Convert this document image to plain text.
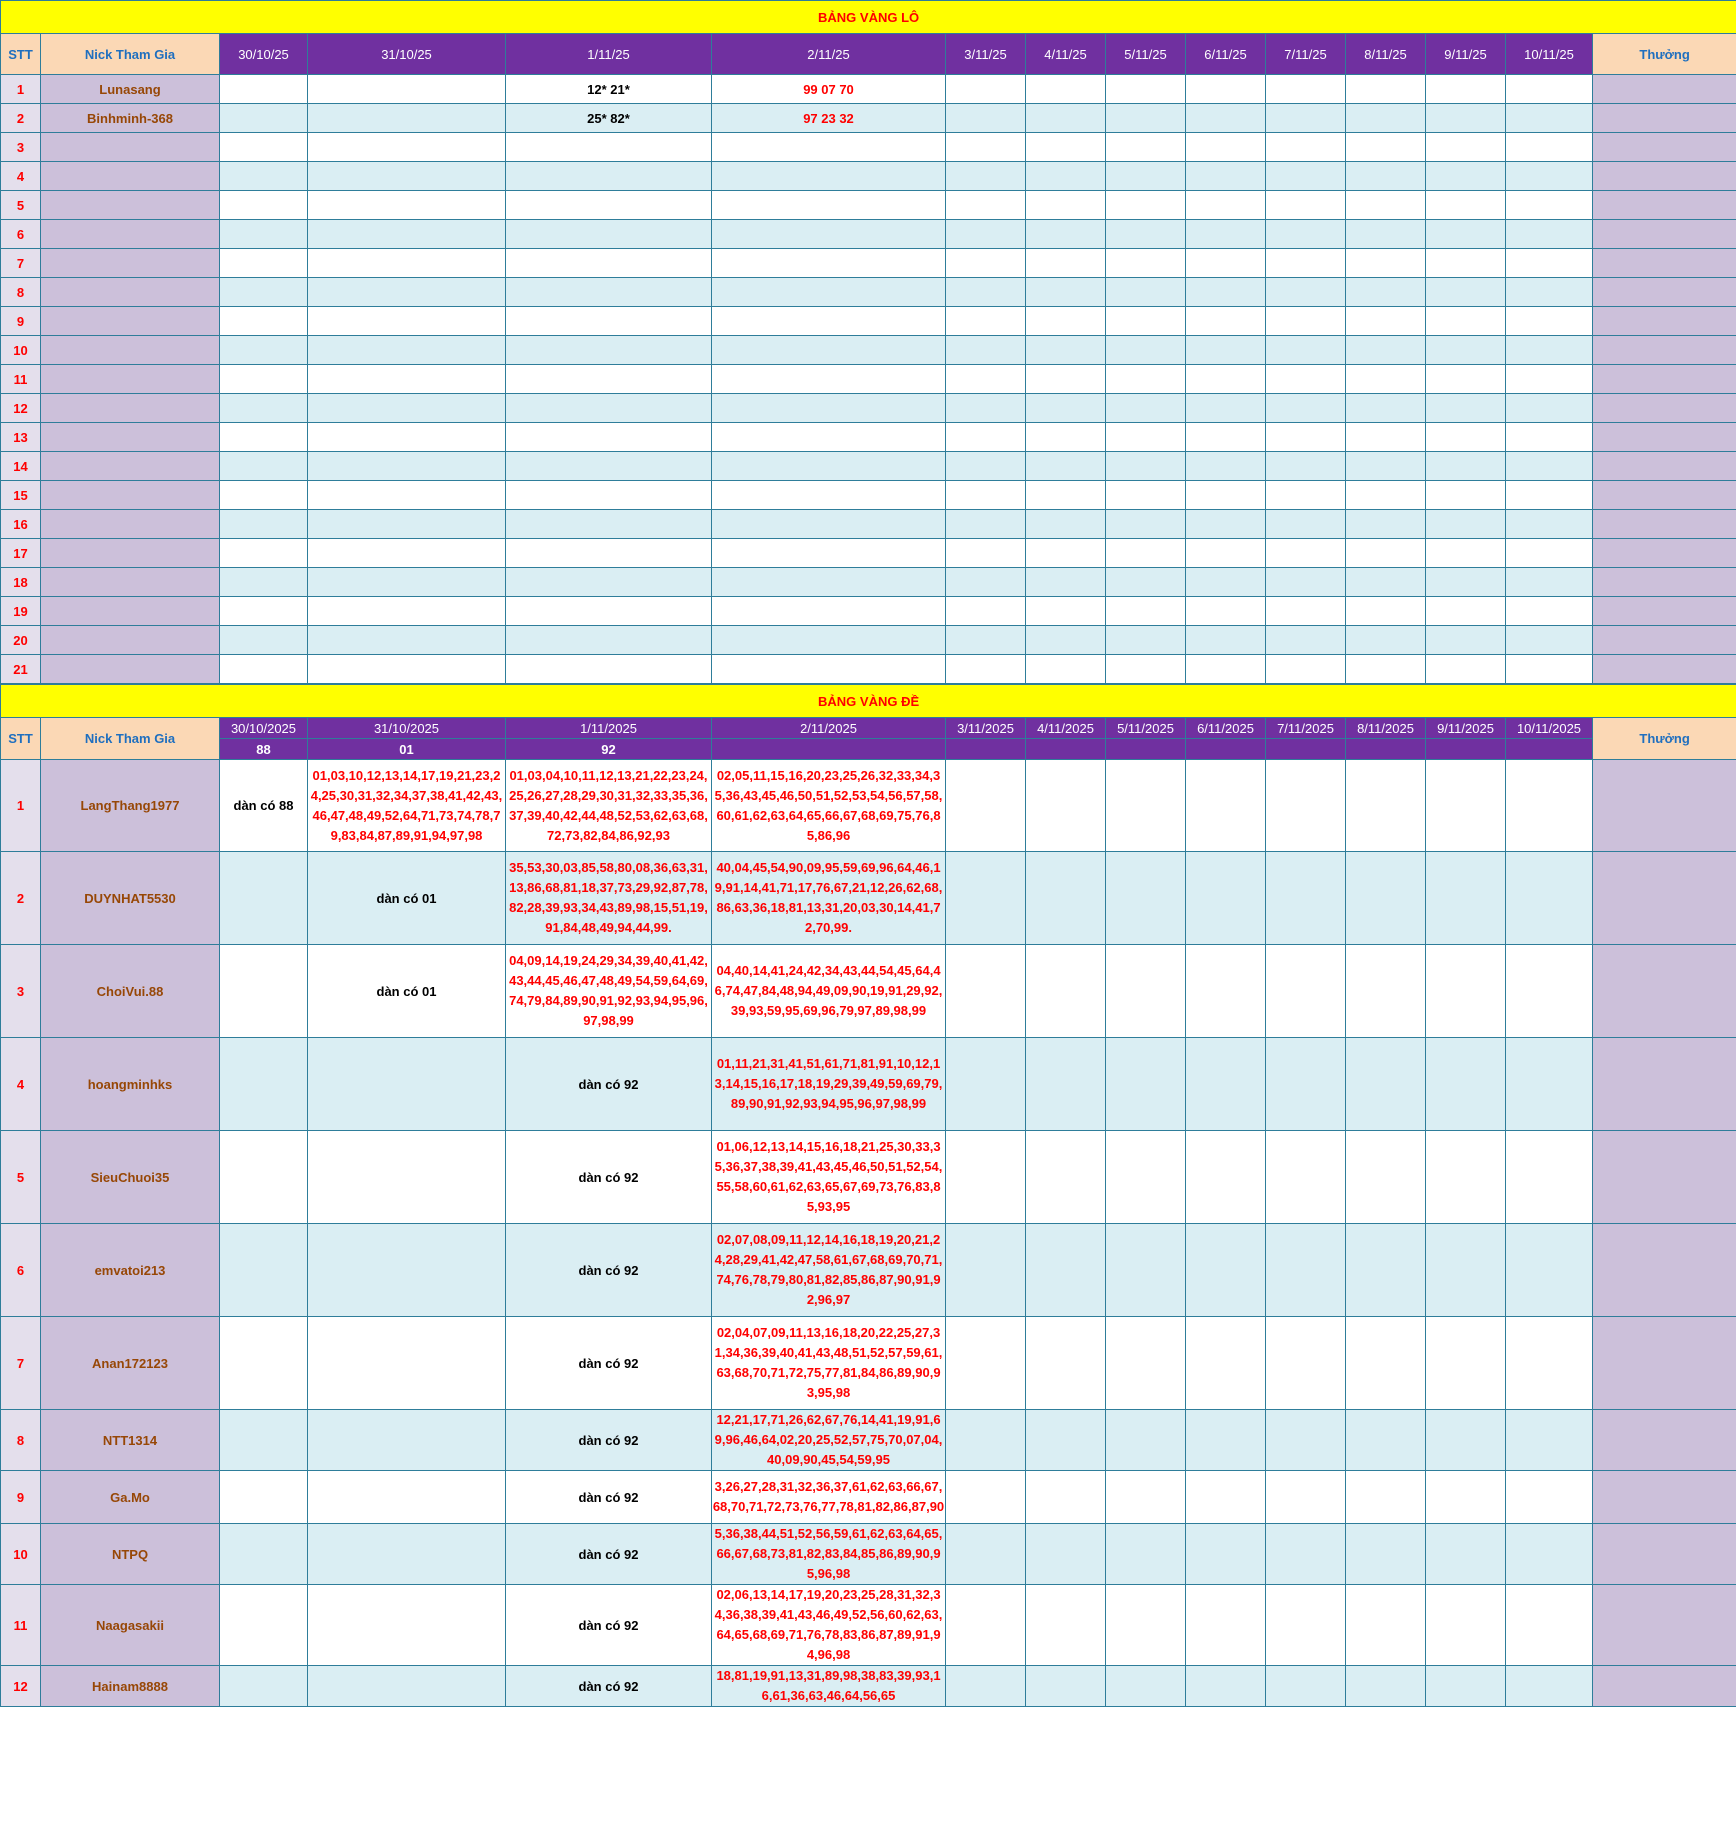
BẢNG VÀNG LÔ														
STT	Nick Tham Gia	30/10/25	31/10/25	1/11/25	2/11/25	3/11/25	4/11/25	5/11/25	6/11/25	7/11/25	8/11/25	9/11/25	10/11/25	Thưởng
1	Lunasang			12* 21*	99 07 70									
2	Binhminh-368			25* 82*	97 23 32									
3														
4														
5														
6														
7														
8														
9														
10														
11														
12														
13														
14														
15														
16														
17														
18														
19														
20														
21														
BẢNG VÀNG ĐỀ														
STT	Nick Tham Gia	30/10/2025	31/10/2025	1/11/2025	2/11/2025	3/11/2025	4/11/2025	5/11/2025	6/11/2025	7/11/2025	8/11/2025	9/11/2025	10/11/2025	Thưởng
		88	01	92										
1	LangThang1977	dàn có 88	01,03,10,12,13,14,17,19,21,23,24,25,30,31,32,34,37,38,41,42,43,46,47,48,49,52,64,71,73,74,78,79,83,84,87,89,91,94,97,98	01,03,04,10,11,12,13,21,22,23,24,25,26,27,28,29,30,31,32,33,35,36,37,39,40,42,44,48,52,53,62,63,68,72,73,82,84,86,92,93	02,05,11,15,16,20,23,25,26,32,33,34,35,36,43,45,46,50,51,52,53,54,56,57,58,60,61,62,63,64,65,66,67,68,69,75,76,85,86,96									
2	DUYNHAT5530		dàn có 01	35,53,30,03,85,58,80,08,36,63,31,13,86,68,81,18,37,73,29,92,87,78,82,28,39,93,34,43,89,98,15,51,19,91,84,48,49,94,44,99.	40,04,45,54,90,09,95,59,69,96,64,46,19,91,14,41,71,17,76,67,21,12,26,62,68,86,63,36,18,81,13,31,20,03,30,14,41,72,70,99.									
3	ChoiVui.88		dàn có 01	04,09,14,19,24,29,34,39,40,41,42,43,44,45,46,47,48,49,54,59,64,69,74,79,84,89,90,91,92,93,94,95,96,97,98,99	04,40,14,41,24,42,34,43,44,54,45,64,46,74,47,84,48,94,49,09,90,19,91,29,92,39,93,59,95,69,96,79,97,89,98,99									
4	hoangminhks			dàn có 92	01,11,21,31,41,51,61,71,81,91,10,12,13,14,15,16,17,18,19,29,39,49,59,69,79,89,90,91,92,93,94,95,96,97,98,99									
5	SieuChuoi35			dàn có 92	01,06,12,13,14,15,16,18,21,25,30,33,35,36,37,38,39,41,43,45,46,50,51,52,54,55,58,60,61,62,63,65,67,69,73,76,83,85,93,95									
6	emvatoi213			dàn có 92	02,07,08,09,11,12,14,16,18,19,20,21,24,28,29,41,42,47,58,61,67,68,69,70,71,74,76,78,79,80,81,82,85,86,87,90,91,92,96,97									
7	Anan172123			dàn có 92	02,04,07,09,11,13,16,18,20,22,25,27,31,34,36,39,40,41,43,48,51,52,57,59,61,63,68,70,71,72,75,77,81,84,86,89,90,93,95,98									
8	NTT1314			dàn có 92	12,21,17,71,26,62,67,76,14,41,19,91,69,96,46,64,02,20,25,52,57,75,70,07,04,40,09,90,45,54,59,95									
9	Ga.Mo			dàn có 92	3,26,27,28,31,32,36,37,61,62,63,66,67,68,70,71,72,73,76,77,78,81,82,86,87,90									
10	NTPQ			dàn có 92	5,36,38,44,51,52,56,59,61,62,63,64,65,66,67,68,73,81,82,83,84,85,86,89,90,95,96,98									
11	Naagasakii			dàn có 92	02,06,13,14,17,19,20,23,25,28,31,32,34,36,38,39,41,43,46,49,52,56,60,62,63,64,65,68,69,71,76,78,83,86,87,89,91,94,96,98									
12	Hainam8888			dàn có 92	18,81,19,91,13,31,89,98,38,83,39,93,16,61,36,63,46,64,56,65									
